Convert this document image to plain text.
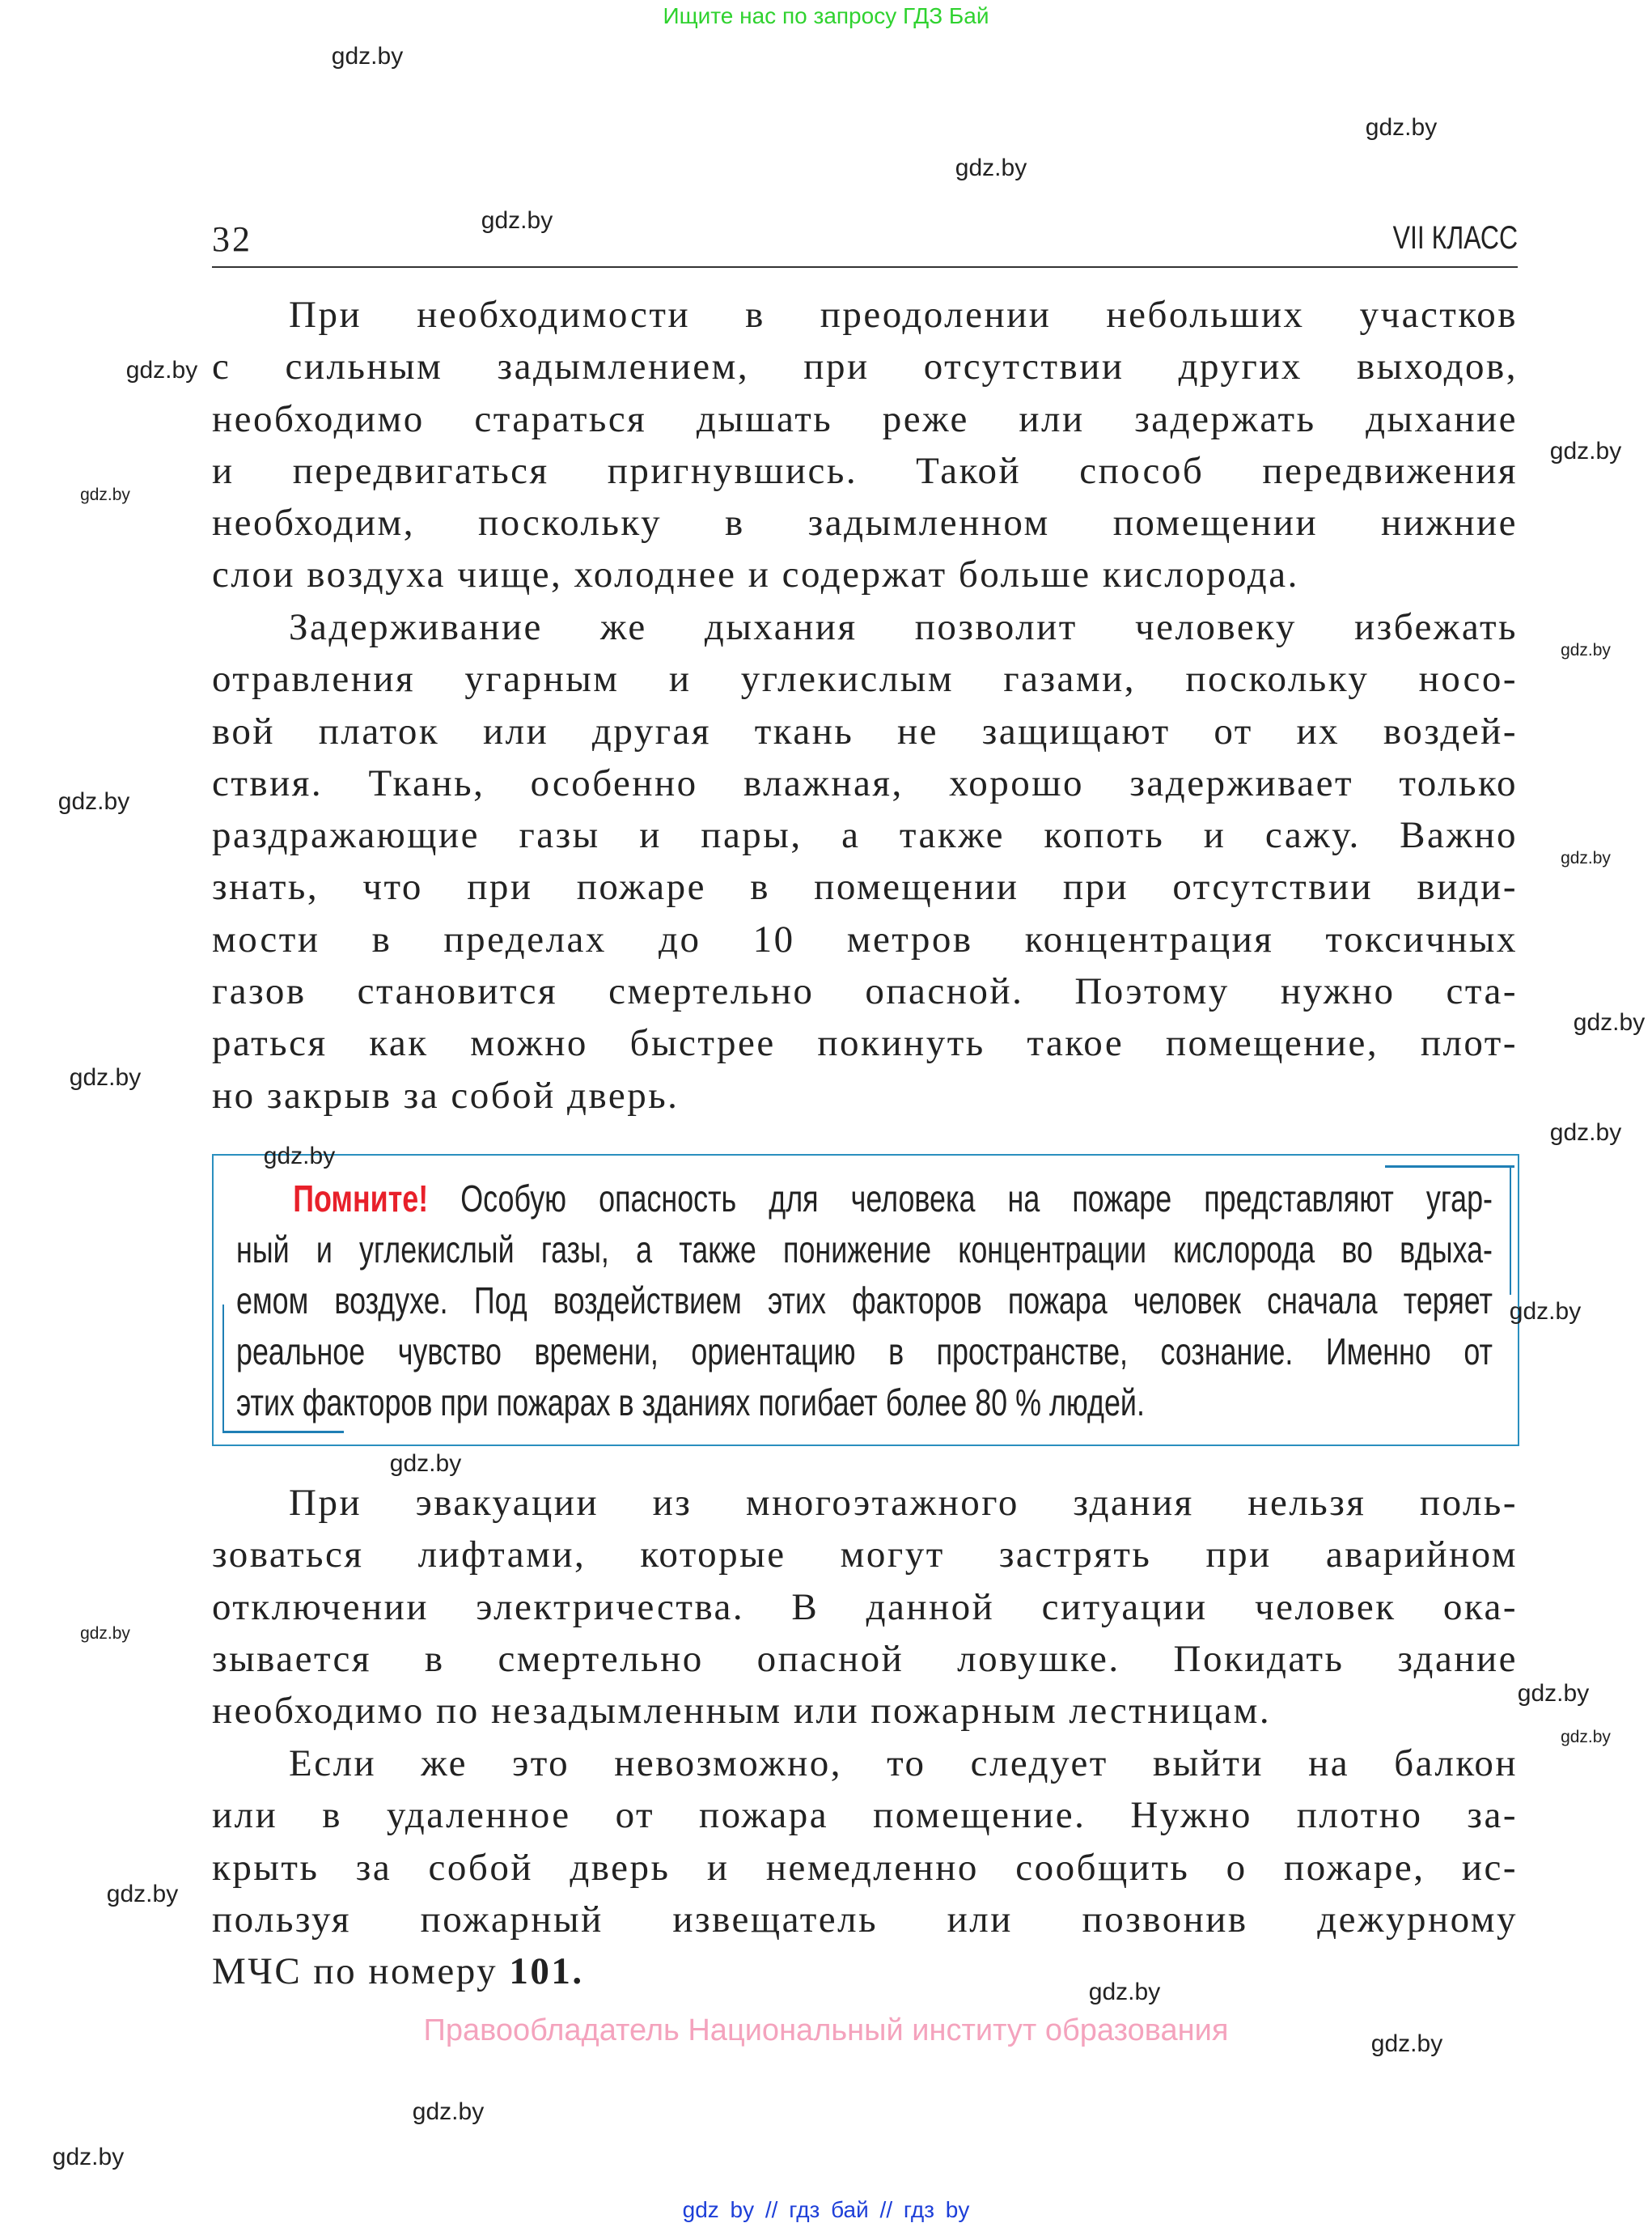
Ищите нас по запросу ГДЗ Бай
32	VII КЛАСС
При необходимости в преодолении небольших участков
с сильным задымлением, при отсутствии других выходов,
необходимо стараться дышать реже или задержать дыхание
и передвигаться пригнувшись. Такой способ передвижения
необходим, поскольку в задымленном помещении нижние
слои воздуха чище, холоднее и содержат больше кислорода.
Задерживание же дыхания позволит человеку избежать
отравления угарным и углекислым газами, поскольку носо-
вой платок или другая ткань не защищают от их воздей-
ствия. Ткань, особенно влажная, хорошо задерживает только
раздражающие газы и пары, а также копоть и сажу. Важно
знать, что при пожаре в помещении при отсутствии види-
мости в пределах до 10 метров концентрация токсичных
газов становится смертельно опасной. Поэтому нужно ста-
раться как можно быстрее покинуть такое помещение, плот-
но закрыв за собой дверь.
Помните! Особую опасность для человека на пожаре представляют угар-
ный и углекислый газы, а также понижение концентрации кислорода во вдыха-
емом воздухе. Под воздействием этих факторов пожара человек сначала теряет
реальное чувство времени, ориентацию в пространстве, сознание. Именно от
этих факторов при пожарах в зданиях погибает более 80 % людей.
При эвакуации из многоэтажного здания нельзя поль-
зоваться лифтами, которые могут застрять при аварийном
отключении электричества. В данной ситуации человек ока-
зывается в смертельно опасной ловушке. Покидать здание
необходимо по незадымленным или пожарным лестницам.
Если же это невозможно, то следует выйти на балкон
или в удаленное от пожара помещение. Нужно плотно за-
крыть за собой дверь и немедленно сообщить о пожаре, ис-
пользуя пожарный извещатель или позвонив дежурному
МЧС по номеру 101.
Правообладатель Национальный институт образования
gdz by // гдз бай // гдз by
gdz.by
gdz.by
gdz.by
gdz.by
gdz.by
gdz.by
gdz.by
gdz.by
gdz.by
gdz.by
gdz.by
gdz.by
gdz.by
gdz.by
gdz.by
gdz.by
gdz.by
gdz.by
gdz.by
gdz.by
gdz.by
gdz.by
gdz.by
gdz.by
